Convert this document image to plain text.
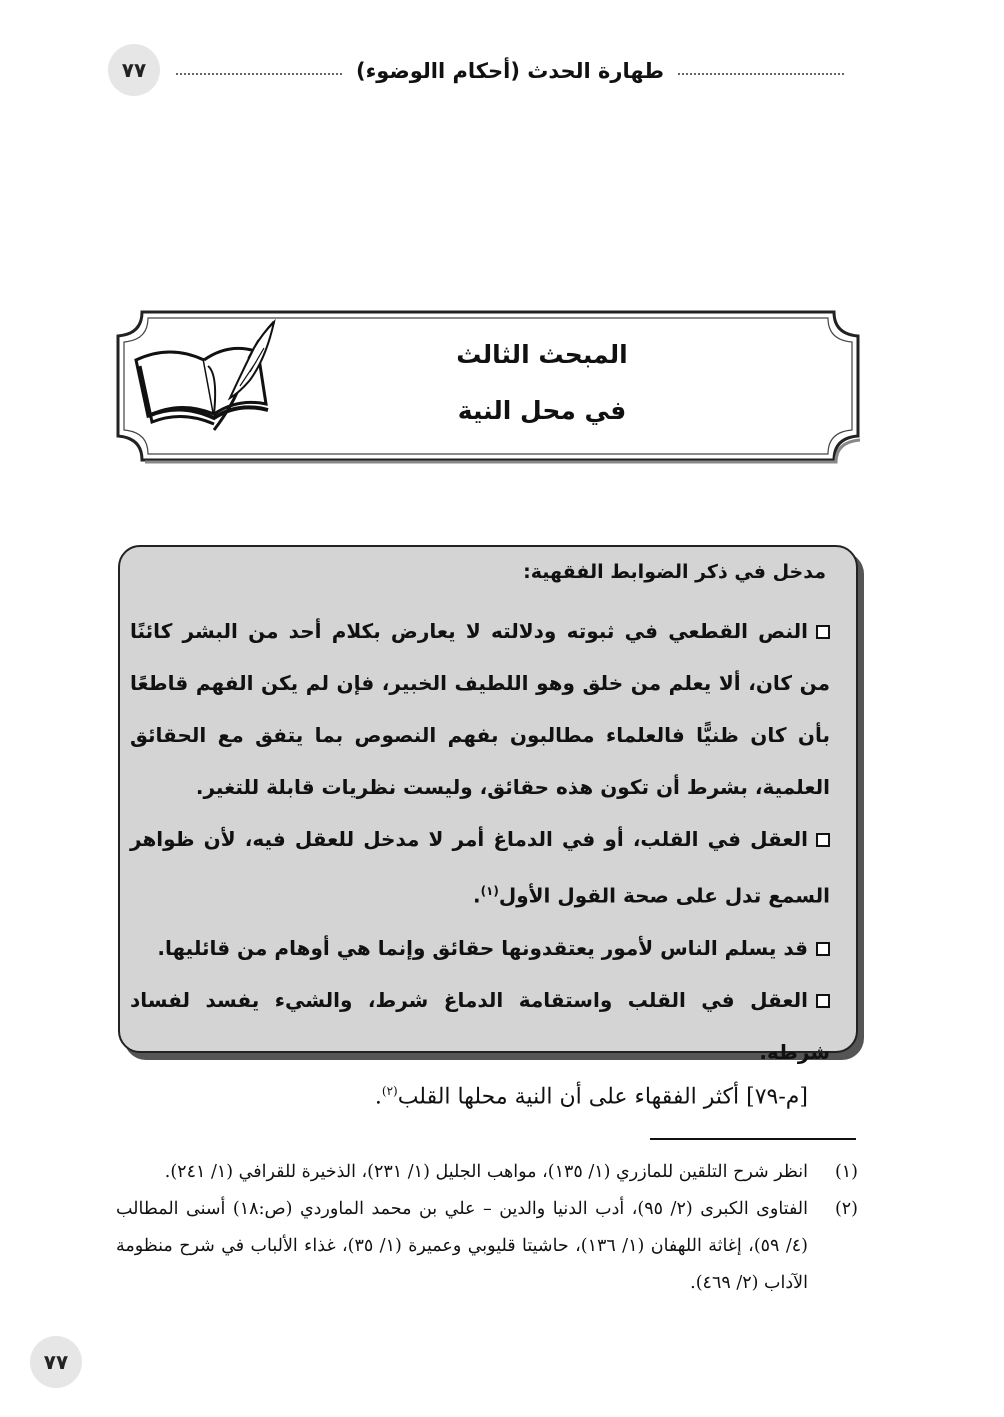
٧٧	طهارة الحدث (أحكام االوضوء)
المبحث الثالث
في محل النية
مدخل في ذكر الضوابط الفقهية:

النص القطعي في ثبوته ودلالته لا يعارض بكلام أحد من البشر كائنًا من كان، ألا يعلم من خلق وهو اللطيف الخبير، فإن لم يكن الفهم قاطعًا بأن كان ظنيًّا فالعلماء مطالبون بفهم النصوص بما يتفق مع الحقائق العلمية، بشرط أن تكون هذه حقائق، وليست نظريات قابلة للتغير.

العقل في القلب، أو في الدماغ أمر لا مدخل للعقل فيه، لأن ظواهر السمع تدل على صحة القول الأول$^{(١)}$.

قد يسلم الناس لأمور يعتقدونها حقائق وإنما هي أوهام من قائليها.

العقل في القلب واستقامة الدماغ شرط، والشيء يفسد لفساد شرطه.

[م-٧٩] أكثر الفقهاء على أن النية محلها القلب$^{(٢)}$.

(١)
انظر شرح التلقين للمازري (١/ ١٣٥)، مواهب الجليل (١/ ٢٣١)، الذخيرة للقرافي (١/ ٢٤١).

(٢)
الفتاوى الكبرى (٢/ ٩٥)، أدب الدنيا والدين – علي بن محمد الماوردي (ص:١٨) أسنى المطالب (٤/ ٥٩)، إغاثة اللهفان (١/ ١٣٦)، حاشيتا قليوبي وعميرة (١/ ٣٥)، غذاء الألباب في شرح منظومة الآداب (٢/ ٤٦٩).

٧٧
